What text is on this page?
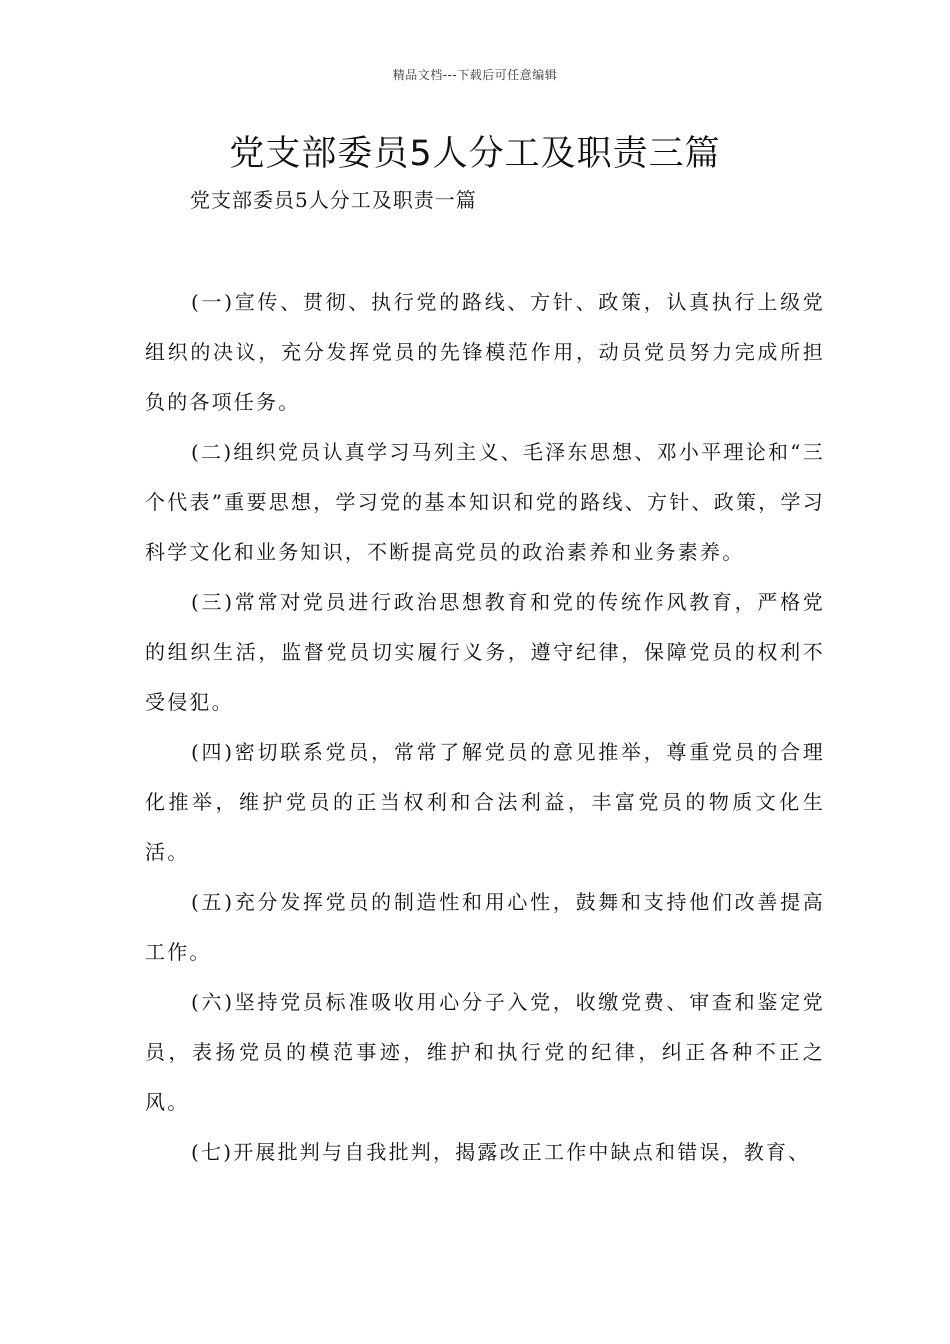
精品文档---下载后可任意编辑
党支部委员5人分工及职责三篇
党支部委员5人分工及职责一篇

(一)宣传、贯彻、执行党的路线、方针、政策，认真执行上级党组织的决议，充分发挥党员的先锋模范作用，动员党员努力完成所担负的各项任务。

(二)组织党员认真学习马列主义、毛泽东思想、邓小平理论和“三个代表”重要思想，学习党的基本知识和党的路线、方针、政策，学习科学文化和业务知识，不断提高党员的政治素养和业务素养。

(三)常常对党员进行政治思想教育和党的传统作风教育，严格党的组织生活，监督党员切实履行义务，遵守纪律，保障党员的权利不受侵犯。

(四)密切联系党员，常常了解党员的意见推举，尊重党员的合理化推举，维护党员的正当权利和合法利益，丰富党员的物质文化生活。

(五)充分发挥党员的制造性和用心性，鼓舞和支持他们改善提高工作。

(六)坚持党员标准吸收用心分子入党，收缴党费、审查和鉴定党员，表扬党员的模范事迹，维护和执行党的纪律，纠正各种不正之风。

(七)开展批判与自我批判，揭露改正工作中缺点和错误，教育、
